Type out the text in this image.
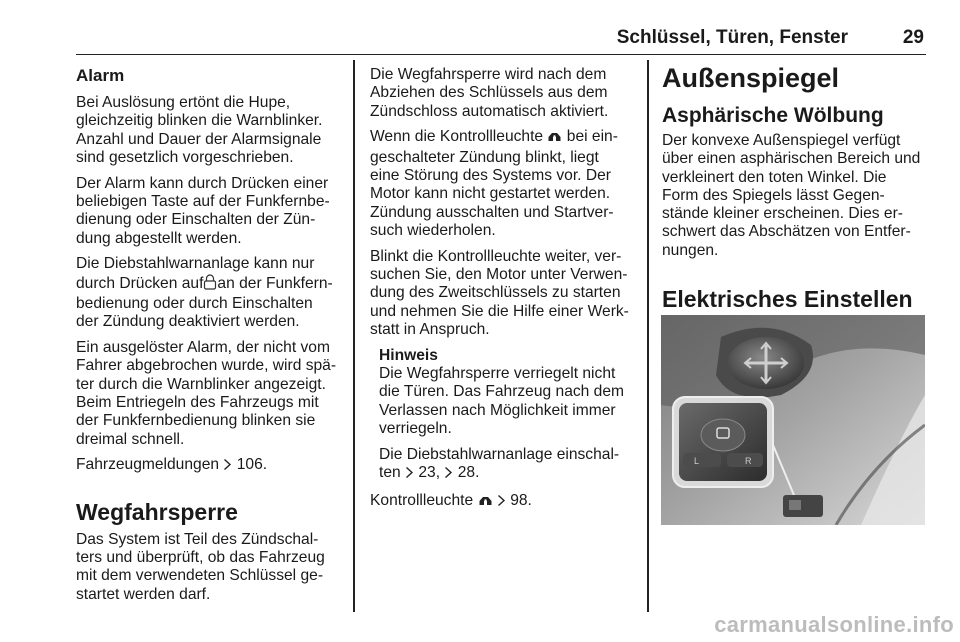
Schlüssel, Türen, Fenster	29
Alarm

Bei Auslösung ertönt die Hupe,
gleichzeitig blinken die Warnblinker.
Anzahl und Dauer der Alarmsignale
sind gesetzlich vorgeschrieben.

Der Alarm kann durch Drücken einer
beliebigen Taste auf der Funkfernbe‐
dienung oder Einschalten der Zün‐
dung abgestellt werden.

Die Diebstahlwarnanlage kann nur
durch Drücken auf an der Funkfern‐
bedienung oder durch Einschalten
der Zündung deaktiviert werden.

Ein ausgelöster Alarm, der nicht vom
Fahrer abgebrochen wurde, wird spä‐
ter durch die Warnblinker angezeigt.
Beim Entriegeln des Fahrzeugs mit
der Funkfernbedienung blinken sie
dreimal schnell.

Fahrzeugmeldungen 106.

Wegfahrsperre

Das System ist Teil des Zündschal‐
ters und überprüft, ob das Fahrzeug
mit dem verwendeten Schlüssel ge‐
startet werden darf.

Die Wegfahrsperre wird nach dem
Abziehen des Schlüssels aus dem
Zündschloss automatisch aktiviert.

Wenn die Kontrollleuchte bei ein‐
geschalteter Zündung blinkt, liegt
eine Störung des Systems vor. Der
Motor kann nicht gestartet werden.
Zündung ausschalten und Startver‐
such wiederholen.

Blinkt die Kontrollleuchte weiter, ver‐
suchen Sie, den Motor unter Verwen‐
dung des Zweitschlüssels zu starten
und nehmen Sie die Hilfe einer Werk‐
statt in Anspruch.

Hinweis

Die Wegfahrsperre verriegelt nicht
die Türen. Das Fahrzeug nach dem
Verlassen nach Möglichkeit immer
verriegeln.

Die Diebstahlwarnanlage einschal‐
ten 23, 28.

Kontrollleuchte 98.

Außenspiegel
Asphärische Wölbung

Der konvexe Außenspiegel verfügt
über einen asphärischen Bereich und
verkleinert den toten Winkel. Die
Form des Spiegels lässt Gegen‐
stände kleiner erscheinen. Dies er‐
schwert das Abschätzen von Entfer‐
nungen.

Elektrisches Einstellen
L	R
carmanualsonline.info
